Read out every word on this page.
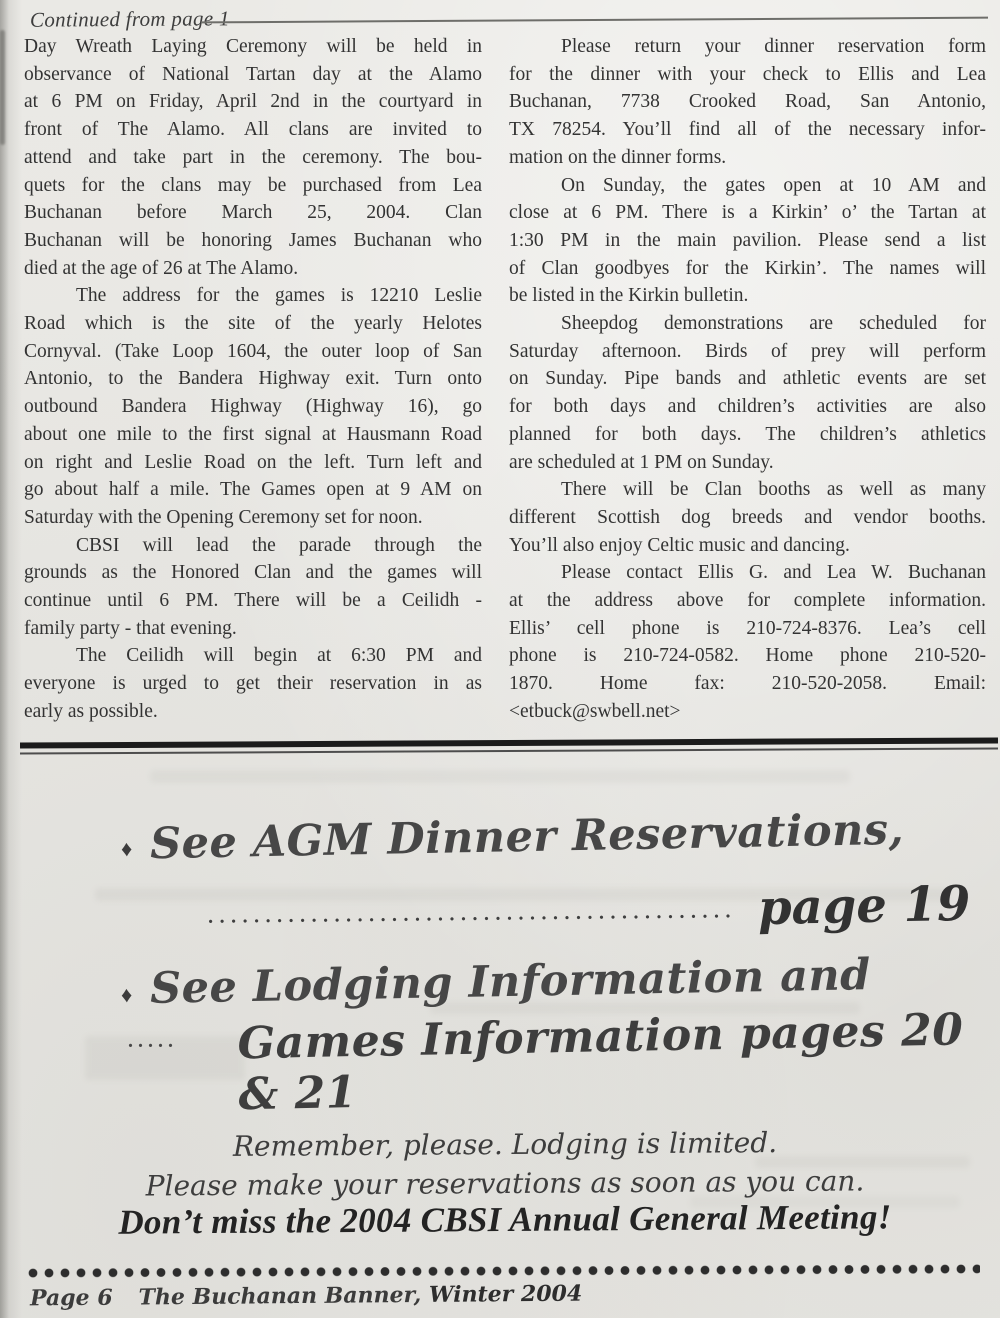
Continued from page 1
Day Wreath Laying Ceremony will be held in
observance of National Tartan day at the Alamo
at 6 PM on Friday, April 2nd in the courtyard in
front of The Alamo. All clans are invited to
attend and take part in the ceremony. The bou-
quets for the clans may be purchased from Lea
Buchanan before March 25, 2004. Clan
Buchanan will be honoring James Buchanan who
died at the age of 26 at The Alamo.
The address for the games is 12210 Leslie
Road which is the site of the yearly Helotes
Cornyval. (Take Loop 1604, the outer loop of San
Antonio, to the Bandera Highway exit. Turn onto
outbound Bandera Highway (Highway 16), go
about one mile to the first signal at Hausmann Road
on right and Leslie Road on the left. Turn left and
go about half a mile. The Games open at 9 AM on
Saturday with the Opening Ceremony set for noon.
CBSI will lead the parade through the
grounds as the Honored Clan and the games will
continue until 6 PM. There will be a Ceilidh -
family party - that evening.
The Ceilidh will begin at 6:30 PM and
everyone is urged to get their reservation in as
early as possible.
Please return your dinner reservation form
for the dinner with your check to Ellis and Lea
Buchanan, 7738 Crooked Road, San Antonio,
TX 78254. You’ll find all of the necessary infor-
mation on the dinner forms.
On Sunday, the gates open at 10 AM and
close at 6 PM. There is a Kirkin’ o’ the Tartan at
1:30 PM in the main pavilion. Please send a list
of Clan goodbyes for the Kirkin’. The names will
be listed in the Kirkin bulletin.
Sheepdog demonstrations are scheduled for
Saturday afternoon. Birds of prey will perform
on Sunday. Pipe bands and athletic events are set
for both days and children’s activities are also
planned for both days. The children’s athletics
are scheduled at 1 PM on Sunday.
There will be Clan booths as well as many
different Scottish dog breeds and vendor booths.
You’ll also enjoy Celtic music and dancing.
Please contact Ellis G. and Lea W. Buchanan
at the address above for complete information.
Ellis’ cell phone is 210-724-8376. Lea’s cell
phone is 210-724-0582. Home phone 210-520-
1870. Home fax: 210-520-2058. Email:
<etbuck@swbell.net>
♦ See AGM Dinner Reservations,
.............................................. page 19
♦ See Lodging Information and
..... Games Information pages 20 & 21
Remember, please. Lodging is limited.
Please make your reservations as soon as you can.
Don’t miss the 2004 CBSI Annual General Meeting!
Page 6 The Buchanan Banner, Winter 2004
